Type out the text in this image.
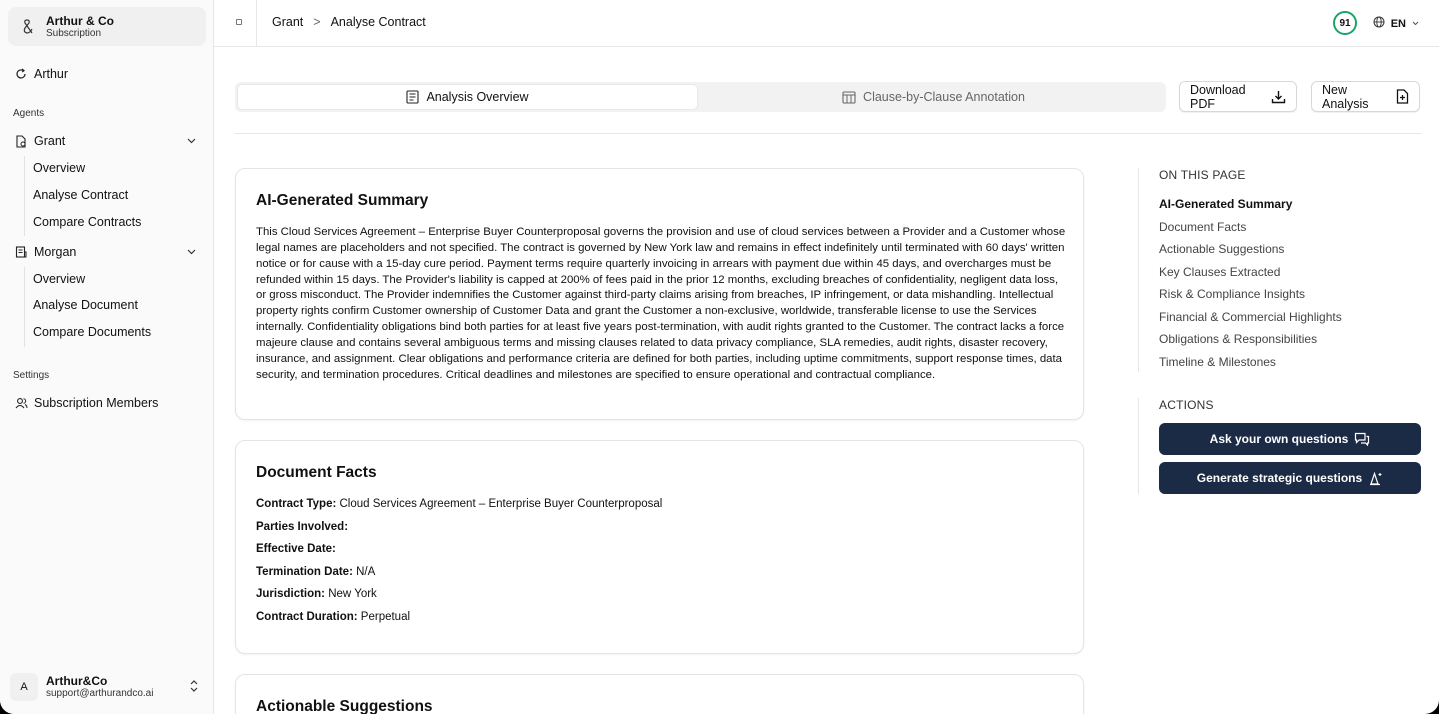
Arthur & Co
Subscription
Arthur
Agents
Grant
Overview
Analyse Contract
Compare Contracts
Morgan
Overview
Analyse Document
Compare Documents
Settings
Subscription Members
A	Arthur&Co
support@arthurandco.ai
Grant > Analyse Contract	91	EN
Analysis Overview	Clause-by-Clause Annotation
Download PDF
New Analysis
AI-Generated Summary

This Cloud Services Agreement – Enterprise Buyer Counterproposal governs the provision and use of cloud services between a Provider and a Customer whose legal names are placeholders and not specified. The contract is governed by New York law and remains in effect indefinitely until terminated with 60 days' written notice or for cause with a 15-day cure period. Payment terms require quarterly invoicing in arrears with payment due within 45 days, and overcharges must be refunded within 15 days. The Provider's liability is capped at 200% of fees paid in the prior 12 months, excluding breaches of confidentiality, negligent data loss, or gross misconduct. The Provider indemnifies the Customer against third-party claims arising from breaches, IP infringement, or data mishandling. Intellectual property rights confirm Customer ownership of Customer Data and grant the Customer a non-exclusive, worldwide, transferable license to use the Services internally. Confidentiality obligations bind both parties for at least five years post-termination, with audit rights granted to the Customer. The contract lacks a force majeure clause and contains several ambiguous terms and missing clauses related to data privacy compliance, SLA remedies, audit rights, disaster recovery, insurance, and assignment. Clear obligations and performance criteria are defined for both parties, including uptime commitments, support response times, data security, and termination procedures. Critical deadlines and milestones are specified to ensure operational and contractual compliance.

Document Facts
Contract Type: Cloud Services Agreement – Enterprise Buyer Counterproposal
Parties Involved:
Effective Date:
Termination Date: N/A
Jurisdiction: New York
Contract Duration: Perpetual
Actionable Suggestions
ON THIS PAGE
AI-Generated Summary
Document Facts
Actionable Suggestions
Key Clauses Extracted
Risk & Compliance Insights
Financial & Commercial Highlights
Obligations & Responsibilities
Timeline & Milestones
ACTIONS
Ask your own questions
Generate strategic questions
